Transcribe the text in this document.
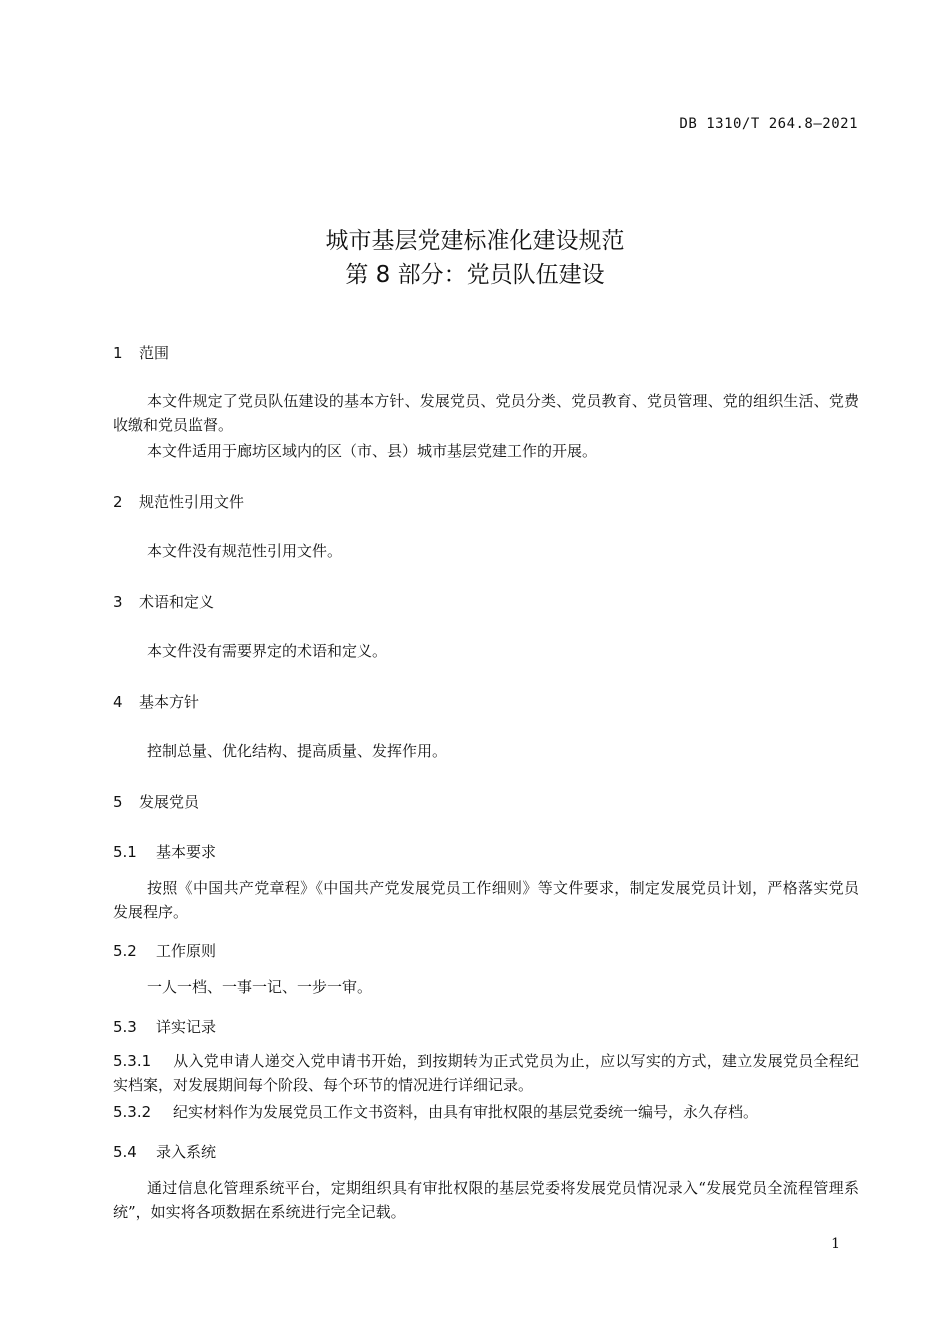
DB 1310/T 264.8—2021
城市基层党建标准化建设规范
第 8 部分：党员队伍建设
1 范围

本文件规定了党员队伍建设的基本方针、发展党员、党员分类、党员教育、党员管理、党的组织生活、党费收缴和党员监督。

本文件适用于廊坊区域内的区（市、县）城市基层党建工作的开展。

2 规范性引用文件

本文件没有规范性引用文件。

3 术语和定义

本文件没有需要界定的术语和定义。

4 基本方针

控制总量、优化结构、提高质量、发挥作用。

5 发展党员
5.1 基本要求

按照《中国共产党章程》《中国共产党发展党员工作细则》等文件要求，制定发展党员计划，严格落实党员发展程序。

5.2 工作原则

一人一档、一事一记、一步一审。

5.3 详实记录

5.3.1 从入党申请人递交入党申请书开始，到按期转为正式党员为止，应以写实的方式，建立发展党员全程纪实档案，对发展期间每个阶段、每个环节的情况进行详细记录。

5.3.2 纪实材料作为发展党员工作文书资料，由具有审批权限的基层党委统一编号，永久存档。

5.4 录入系统

通过信息化管理系统平台，定期组织具有审批权限的基层党委将发展党员情况录入“发展党员全流程管理系统”，如实将各项数据在系统进行完全记载。

1
